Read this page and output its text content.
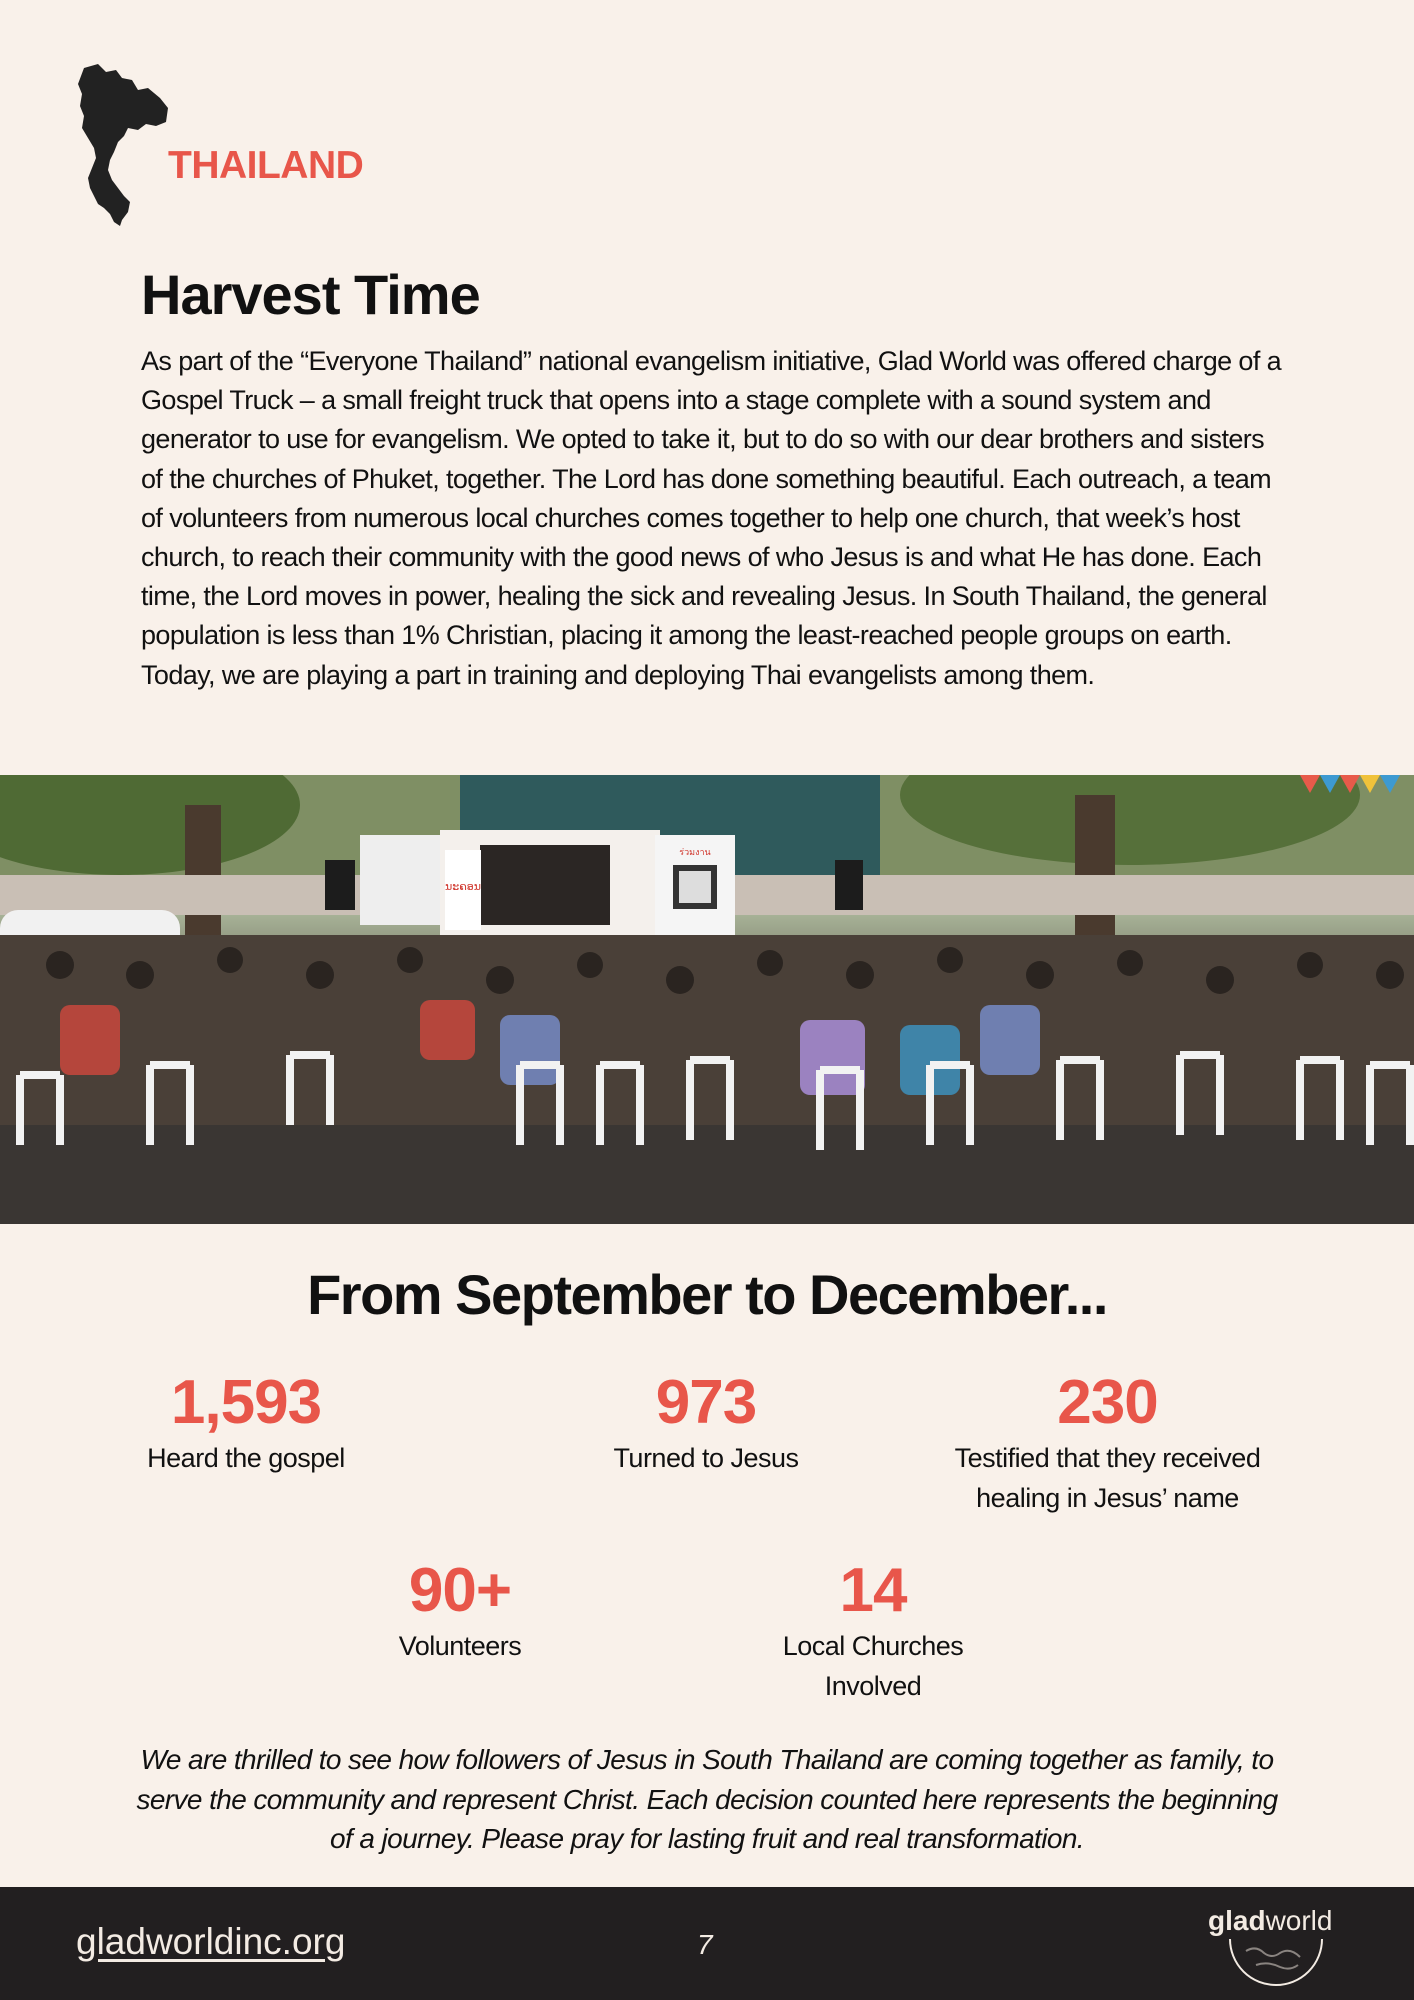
THAILAND
Harvest Time

As part of the “Everyone Thailand” national evangelism initiative, Glad World was offered charge of a Gospel Truck – a small freight truck that opens into a stage complete with a sound system and generator to use for evangelism. We opted to take it, but to do so with our dear brothers and sisters of the churches of Phuket, together. The Lord has done something beautiful. Each outreach, a team of volunteers from numerous local churches comes together to help one church, that week’s host church, to reach their community with the good news of who Jesus is and what He has done. Each time, the Lord moves in power, healing the sick and revealing Jesus. In South Thailand, the general population is less than 1% Christian, placing it among the least-reached people groups on earth. Today, we are playing a part in training and deploying Thai evangelists among them.

ນະຄອນ
ร่วมงาน
From September to December...
1,593
Heard the gospel
973
Turned to Jesus
230
Testified that they received
healing in Jesus’ name
90+
Volunteers
14
Local Churches
Involved

We are thrilled to see how followers of Jesus in South Thailand are coming together as family, to serve the community and represent Christ. Each decision counted here represents the beginning of a journey. Please pray for lasting fruit and real transformation.

gladworldinc.org	7
gladworld
